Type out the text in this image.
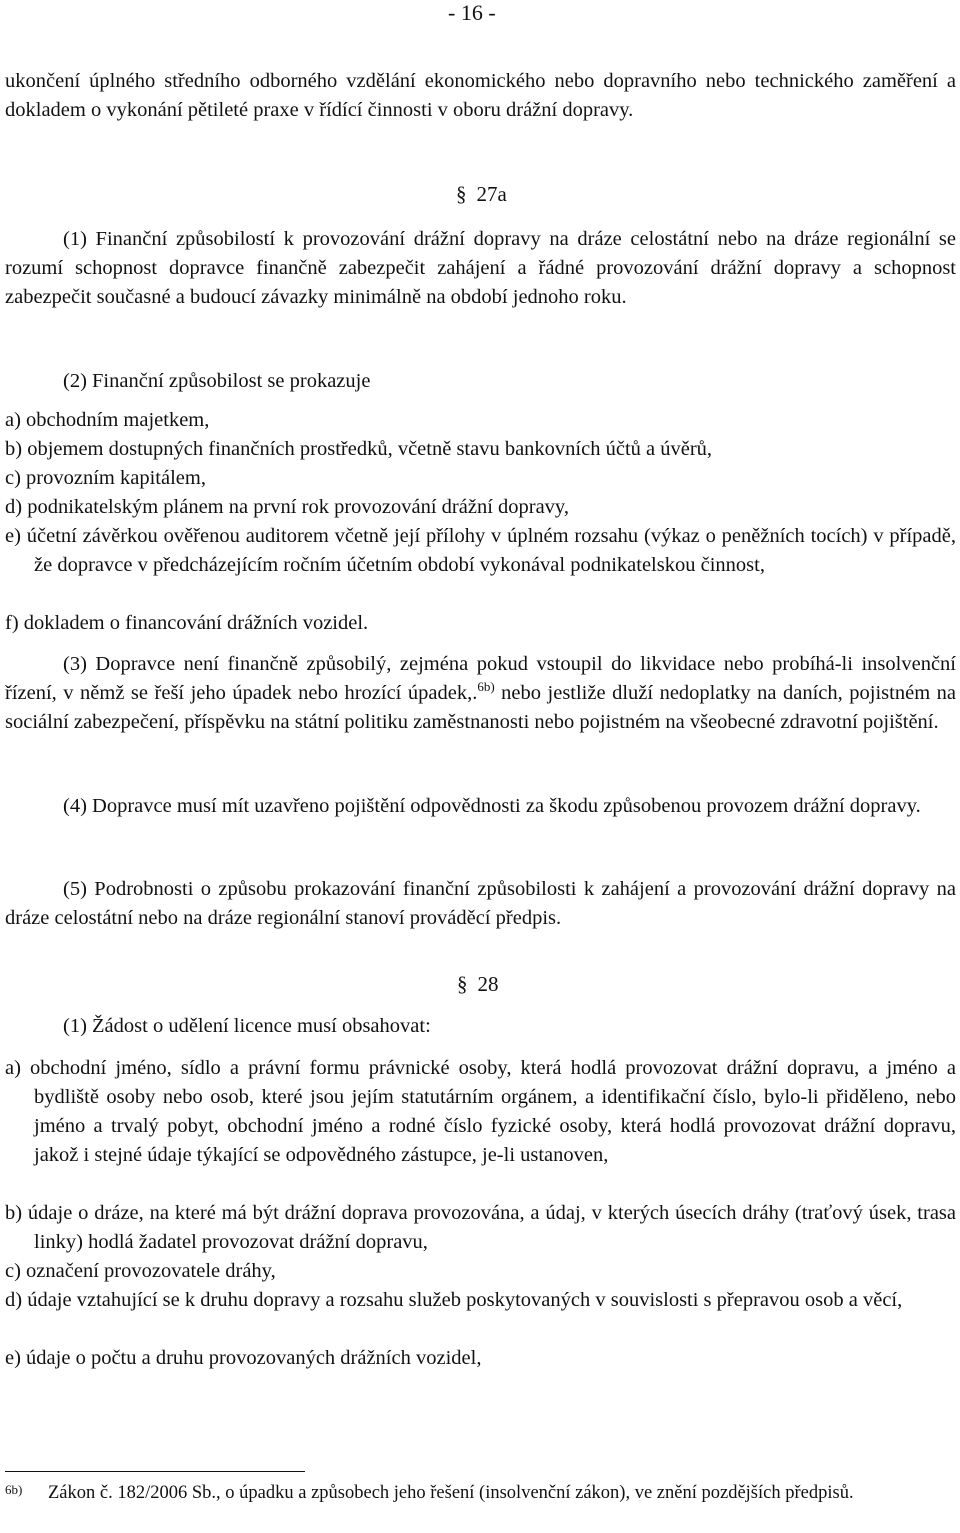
- 16 -

ukončení úplného středního odborného vzdělání ekonomického nebo dopravního nebo technického zaměření a dokladem o vykonání pětileté praxe v řídící činnosti v oboru drážní dopravy.

§ 27a

(1) Finanční způsobilostí k provozování drážní dopravy na dráze celostátní nebo na dráze regionální se rozumí schopnost dopravce finančně zabezpečit zahájení a řádné provozování drážní dopravy a schopnost zabezpečit současné a budoucí závazky minimálně na období jednoho roku.

(2) Finanční způsobilost se prokazuje

a) obchodním majetkem,

b) objemem dostupných finančních prostředků, včetně stavu bankovních účtů a úvěrů,

c) provozním kapitálem,

d) podnikatelským plánem na první rok provozování drážní dopravy,

e) účetní závěrkou ověřenou auditorem včetně její přílohy v úplném rozsahu (výkaz o peněžních tocích) v případě, že dopravce v předcházejícím ročním účetním období vykonával podnikatelskou činnost,

f) dokladem o financování drážních vozidel.

(3) Dopravce není finančně způsobilý, zejména pokud vstoupil do likvidace nebo probíhá-li insolvenční řízení, v němž se řeší jeho úpadek nebo hrozící úpadek,.$^{6b)}$ nebo jestliže dluží nedoplatky na daních, pojistném na sociální zabezpečení, příspěvku na státní politiku zaměstnanosti nebo pojistném na všeobecné zdravotní pojištění.

(4) Dopravce musí mít uzavřeno pojištění odpovědnosti za škodu způsobenou provozem drážní dopravy.

(5) Podrobnosti o způsobu prokazování finanční způsobilosti k zahájení a provozování drážní dopravy na dráze celostátní nebo na dráze regionální stanoví prováděcí předpis.

§ 28
(1) Žádost o udělení licence musí obsahovat:

a) obchodní jméno, sídlo a právní formu právnické osoby, která hodlá provozovat drážní dopravu, a jméno a bydliště osoby nebo osob, které jsou jejím statutárním orgánem, a identifikační číslo, bylo-li přiděleno, nebo jméno a trvalý pobyt, obchodní jméno a rodné číslo fyzické osoby, která hodlá provozovat drážní dopravu, jakož i stejné údaje týkající se odpovědného zástupce, je-li ustanoven,

b) údaje o dráze, na které má být drážní doprava provozována, a údaj, v kterých úsecích dráhy (traťový úsek, trasa linky) hodlá žadatel provozovat drážní dopravu,

c) označení provozovatele dráhy,

d) údaje vztahující se k druhu dopravy a rozsahu služeb poskytovaných v souvislosti s přepravou osob a věcí,

e) údaje o počtu a druhu provozovaných drážních vozidel,

6b) Zákon č. 182/2006 Sb., o úpadku a způsobech jeho řešení (insolvenční zákon), ve znění pozdějších předpisů.
